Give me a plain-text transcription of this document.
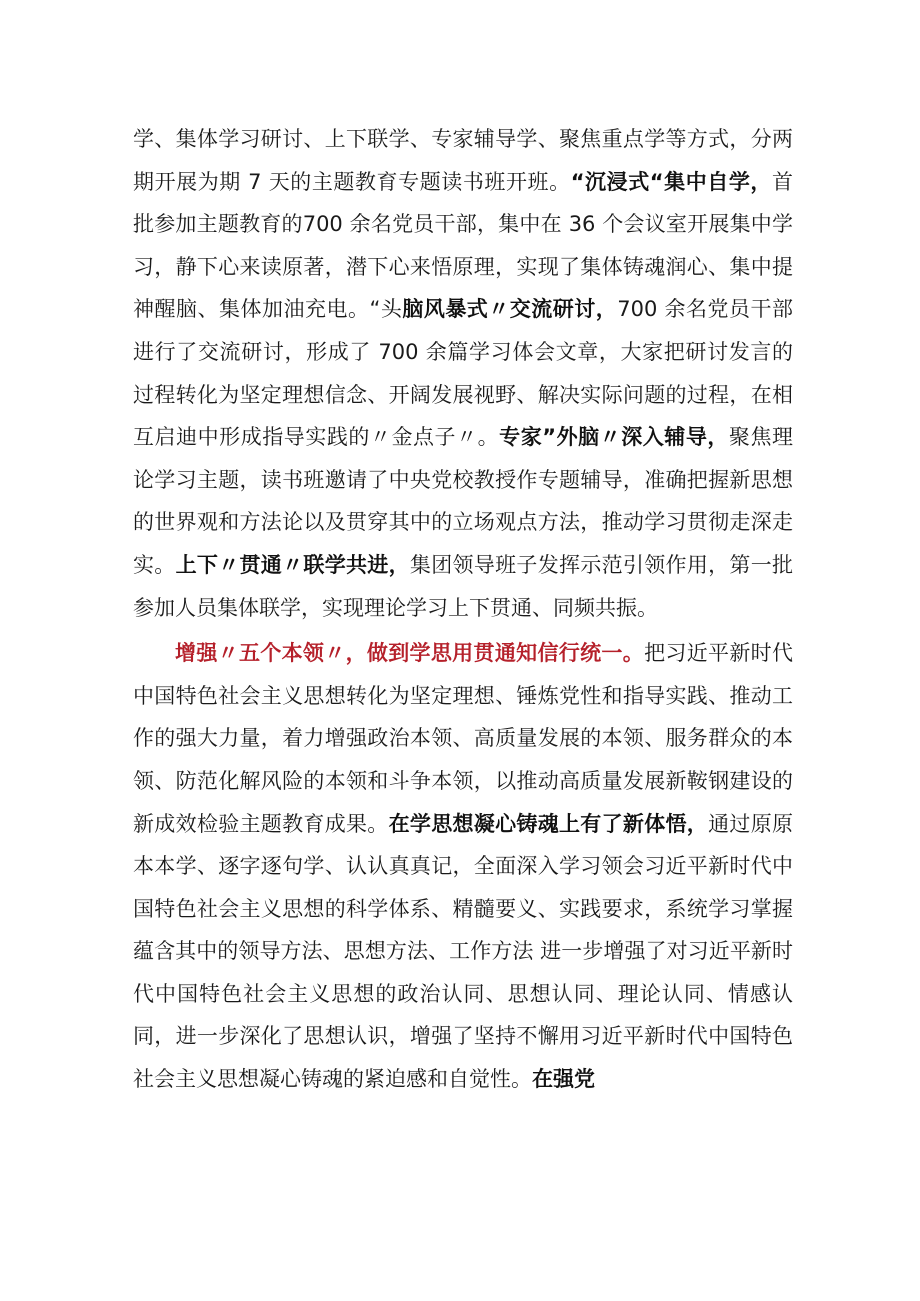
学、集体学习研讨、上下联学、专家辅导学、聚焦重点学等方式，分两期开展为期 7 天的主题教育专题读书班开班。“沉浸式“集中自学，首批参加主题教育的700 余名党员干部，集中在 36 个会议室开展集中学习，静下心来读原著，潜下心来悟原理，实现了集体铸魂润心、集中提神醒脑、集体加油充电。“头脑风暴式〃交流研讨，700 余名党员干部进行了交流研讨，形成了 700 余篇学习体会文章，大家把研讨发言的过程转化为坚定理想信念、开阔发展视野、解决实际问题的过程，在相互启迪中形成指导实践的〃金点子〃。专家”外脑〃深入辅导，聚焦理论学习主题，读书班邀请了中央党校教授作专题辅导，准确把握新思想的世界观和方法论以及贯穿其中的立场观点方法，推动学习贯彻走深走实。上下〃贯通〃联学共进，集团领导班子发挥示范引领作用，第一批参加人员集体联学，实现理论学习上下贯通、同频共振。

增强〃五个本领〃，做到学思用贯通知信行统一。把习近平新时代中国特色社会主义思想转化为坚定理想、锤炼党性和指导实践、推动工作的强大力量，着力增强政治本领、高质量发展的本领、服务群众的本领、防范化解风险的本领和斗争本领，以推动高质量发展新鞍钢建设的新成效检验主题教育成果。在学思想凝心铸魂上有了新体悟，通过原原本本学、逐字逐句学、认认真真记，全面深入学习领会习近平新时代中国特色社会主义思想的科学体系、精髓要义、实践要求，系统学习掌握蕴含其中的领导方法、思想方法、工作方法 进一步增强了对习近平新时代中国特色社会主义思想的政治认同、思想认同、理论认同、情感认同，进一步深化了思想认识，增强了坚持不懈用习近平新时代中国特色社会主义思想凝心铸魂的紧迫感和自觉性。在强党
